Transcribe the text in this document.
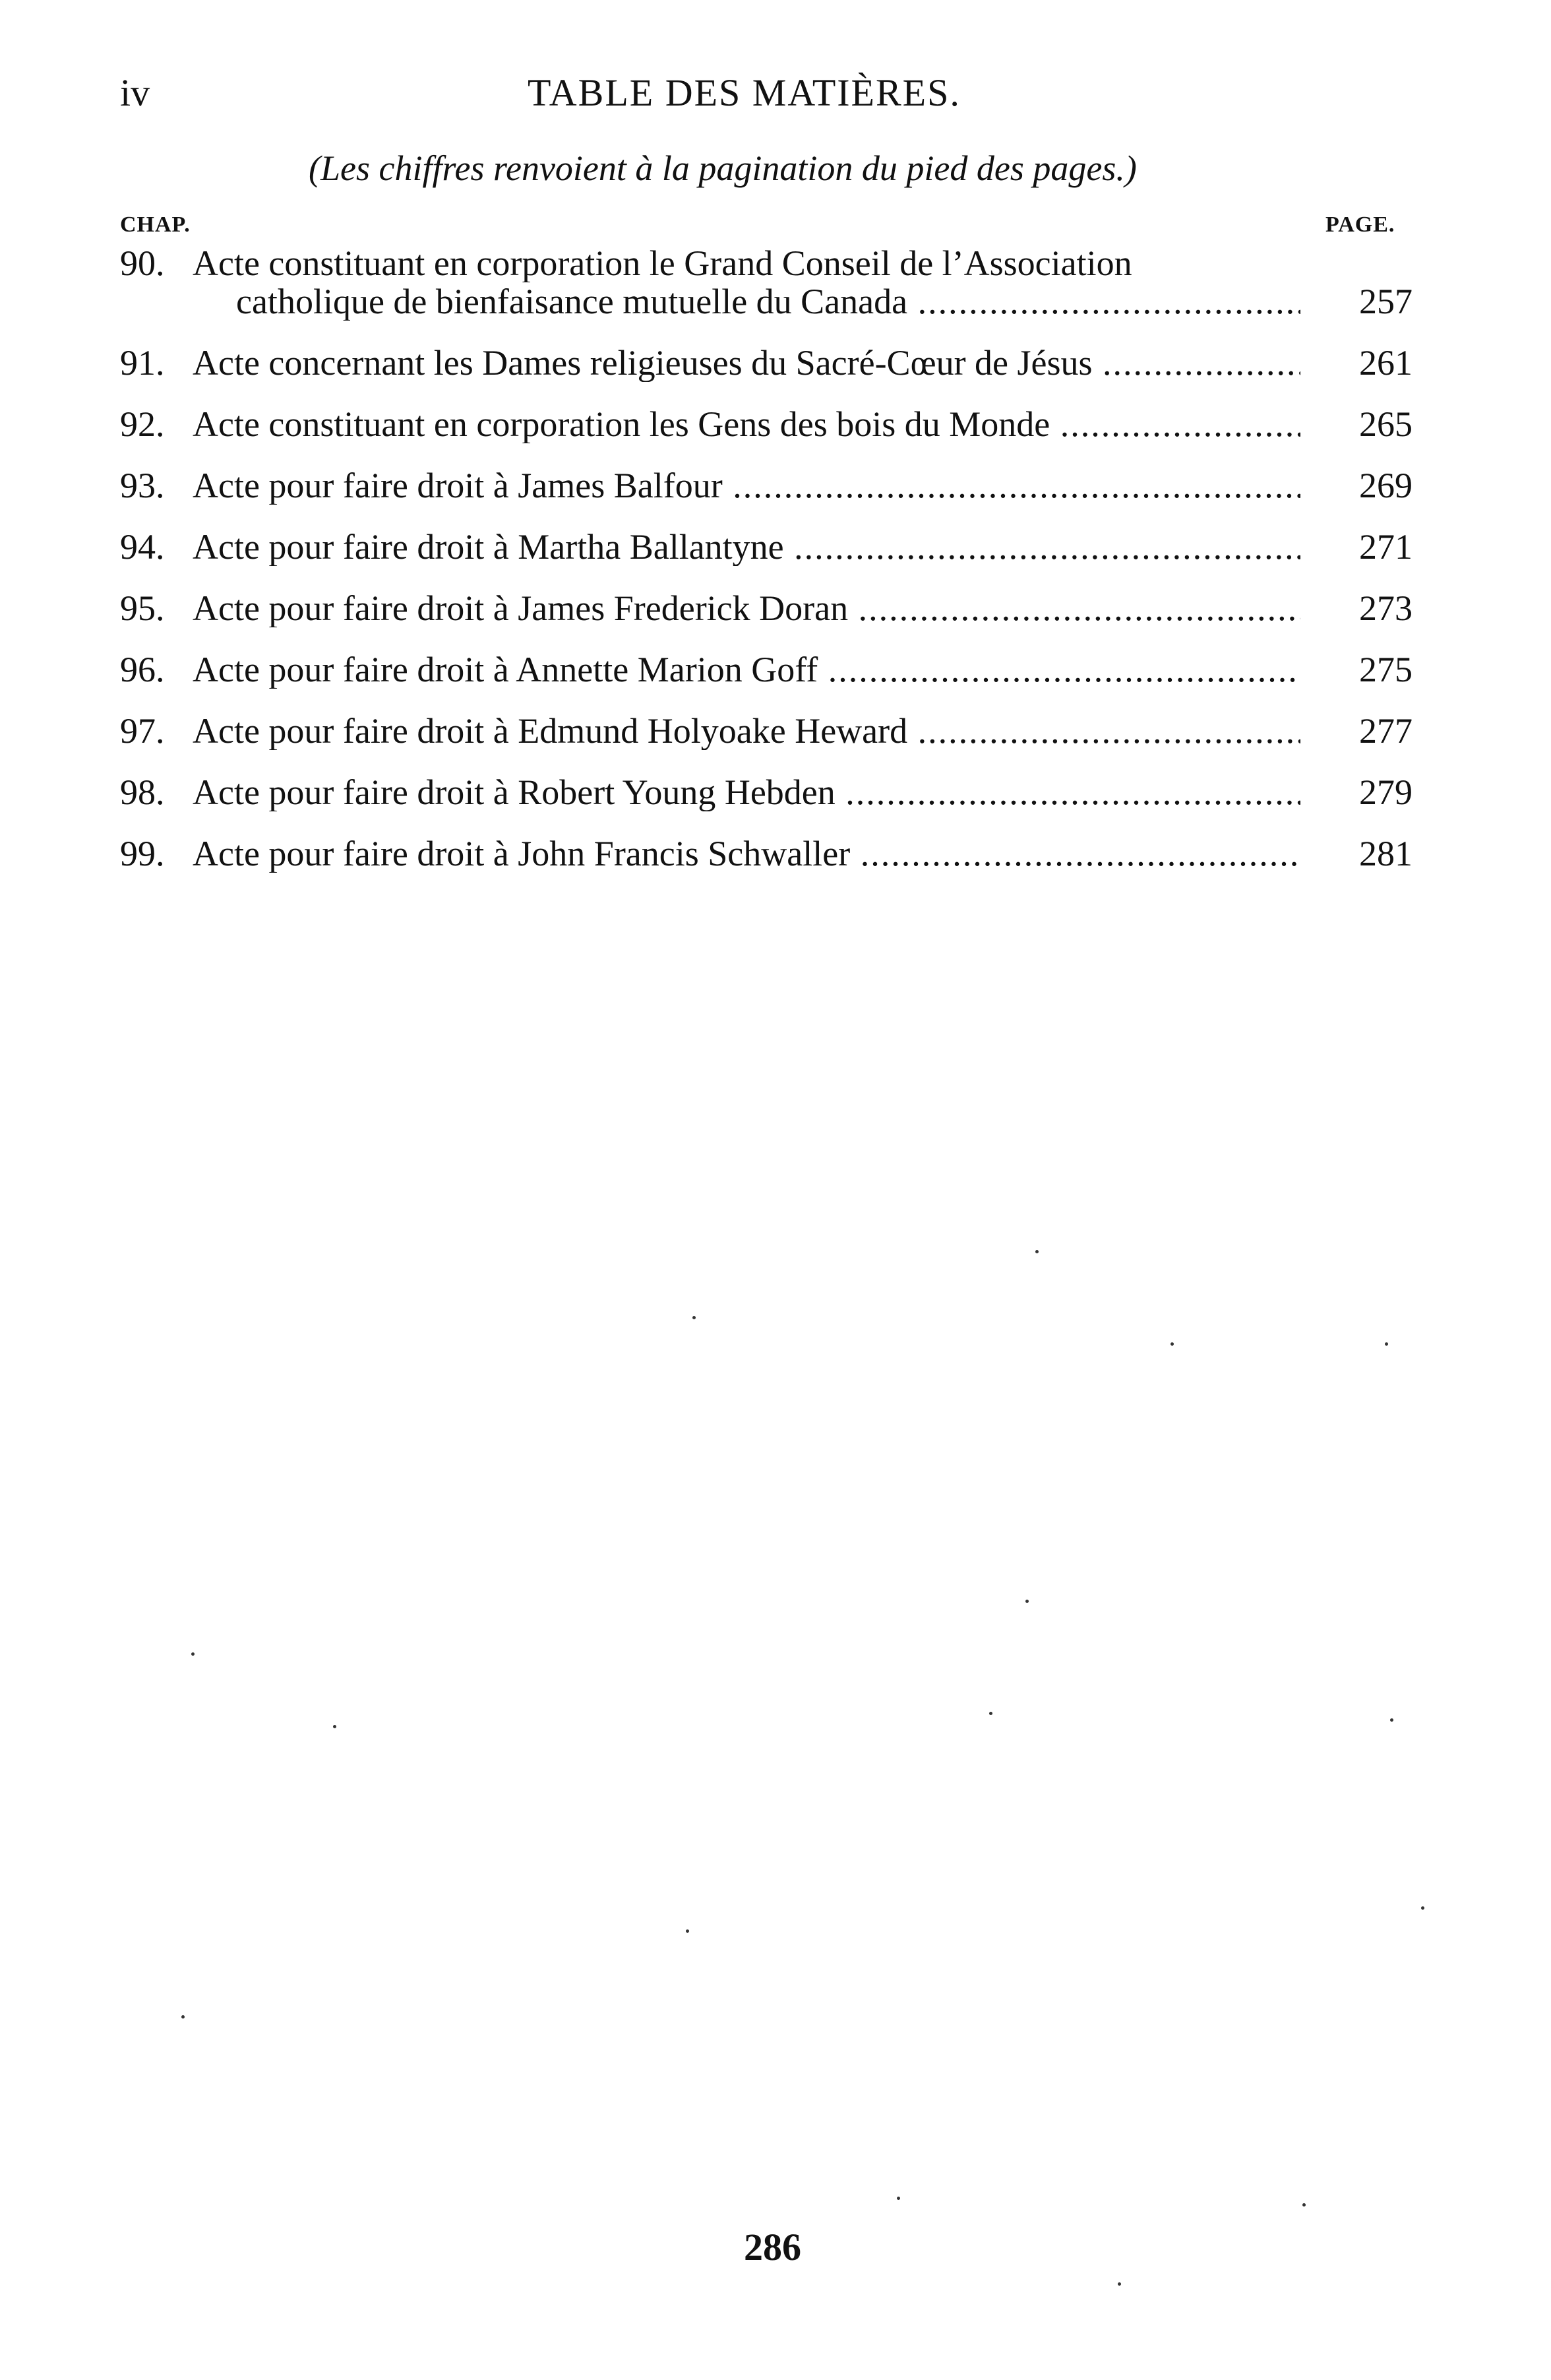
iv	TABLE DES MATIÈRES.
(Les chiffres renvoient à la pagination du pied des pages.)
CHAP.	PAGE.
90. Acte constituant en corporation le Grand Conseil de l’Association
catholique de bienfaisance mutuelle du Canada .....	257
91. Acte concernant les Dames religieuses du Sacré-Cœur de Jésus .....	261
92. Acte constituant en corporation les Gens des bois du Monde .....	265
93. Acte pour faire droit à James Balfour .....	269
94. Acte pour faire droit à Martha Ballantyne .....	271
95. Acte pour faire droit à James Frederick Doran .....	273
96. Acte pour faire droit à Annette Marion Goff .....	275
97. Acte pour faire droit à Edmund Holyoake Heward .....	277
98. Acte pour faire droit à Robert Young Hebden .....	279
99. Acte pour faire droit à John Francis Schwaller .....	281
286
